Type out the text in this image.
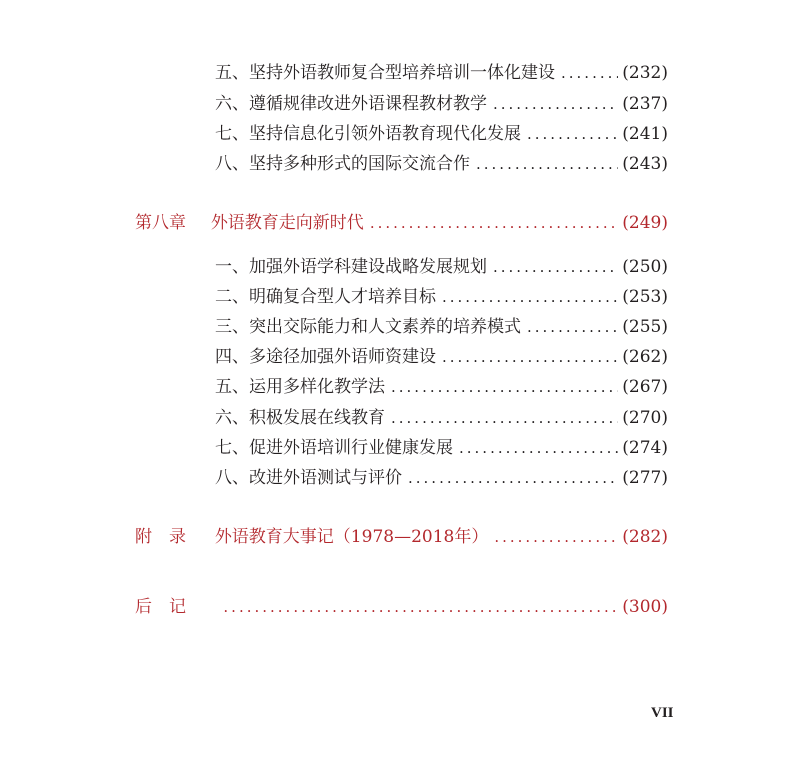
五、坚持外语教师复合型培养培训一体化建设 .....	(232)
六、遵循规律改进外语课程教材教学 .....	(237)
七、坚持信息化引领外语教育现代化发展 .....	(241)
八、坚持多种形式的国际交流合作 .....	(243)
第八章 外语教育走向新时代 .....	(249)
一、加强外语学科建设战略发展规划 .....	(250)
二、明确复合型人才培养目标 .....	(253)
三、突出交际能力和人文素养的培养模式 .....	(255)
四、多途径加强外语师资建设 .....	(262)
五、运用多样化教学法 .....	(267)
六、积极发展在线教育 .....	(270)
七、促进外语培训行业健康发展 .....	(274)
八、改进外语测试与评价 .....	(277)
附　录 外语教育大事记（1978—2018年） .....	(282)
后　记 .....	(300)
VII
